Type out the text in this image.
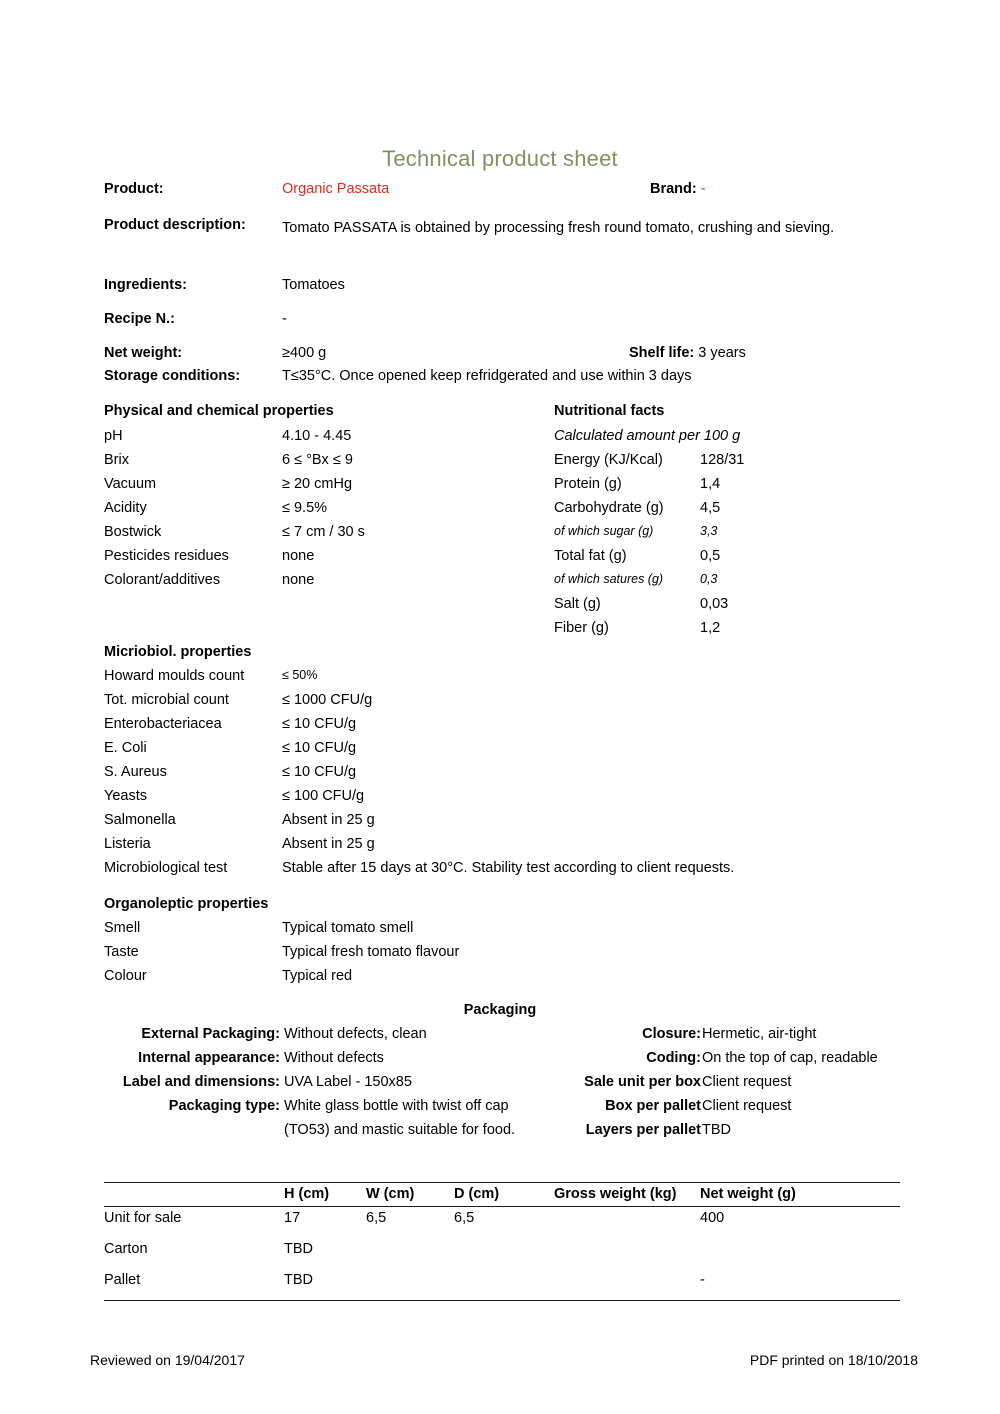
Technical product sheet
Product:	Organic Passata	Brand: -
Product description: Tomato PASSATA is obtained by processing fresh round tomato, crushing and sieving.
Ingredients:	Tomatoes
Recipe N.:	-
Net weight:	≥400 g	Shelf life: 3 years
Storage conditions:	T≤35°C. Once opened keep refridgerated and use within 3 days
Physical and chemical properties
pH	4.10 - 4.45
Brix	6 ≤ °Bx ≤ 9
Vacuum	≥ 20 cmHg
Acidity	≤ 9.5%
Bostwick	≤ 7 cm / 30 s
Pesticides residues	none
Colorant/additives	none
Nutritional facts
Calculated amount per 100 g
Energy (KJ/Kcal)	128/31
Protein (g)	1,4
Carbohydrate (g)	4,5
of which sugar (g)	3,3
Total fat (g)	0,5
of which satures (g)	0,3
Salt (g)	0,03
Fiber (g)	1,2
Micriobiol. properties
Howard moulds count	≤ 50%
Tot. microbial count	≤ 1000 CFU/g
Enterobacteriacea	≤ 10 CFU/g
E. Coli	≤ 10 CFU/g
S. Aureus	≤ 10 CFU/g
Yeasts	≤ 100 CFU/g
Salmonella	Absent in 25 g
Listeria	Absent in 25 g
Microbiological test	Stable after 15 days at 30°C. Stability test according to client requests.
Organoleptic properties
Smell	Typical tomato smell
Taste	Typical fresh tomato flavour
Colour	Typical red
Packaging
External Packaging: Without defects, clean
Internal appearance: Without defects
Label and dimensions: UVA Label - 150x85
Packaging type: White glass bottle with twist off cap
(TO53) and mastic suitable for food.
Closure: Hermetic, air-tight
Coding: On the top of cap, readable
Sale unit per box Client request
Box per pallet Client request
Layers per pallet TBD
	H (cm)	W (cm)	D (cm)	Gross weight (kg)	Net weight (g)
Unit for sale	17	6,5	6,5		400
Carton	TBD				
Pallet	TBD				-
Reviewed on 19/04/2017	PDF printed on 18/10/2018
